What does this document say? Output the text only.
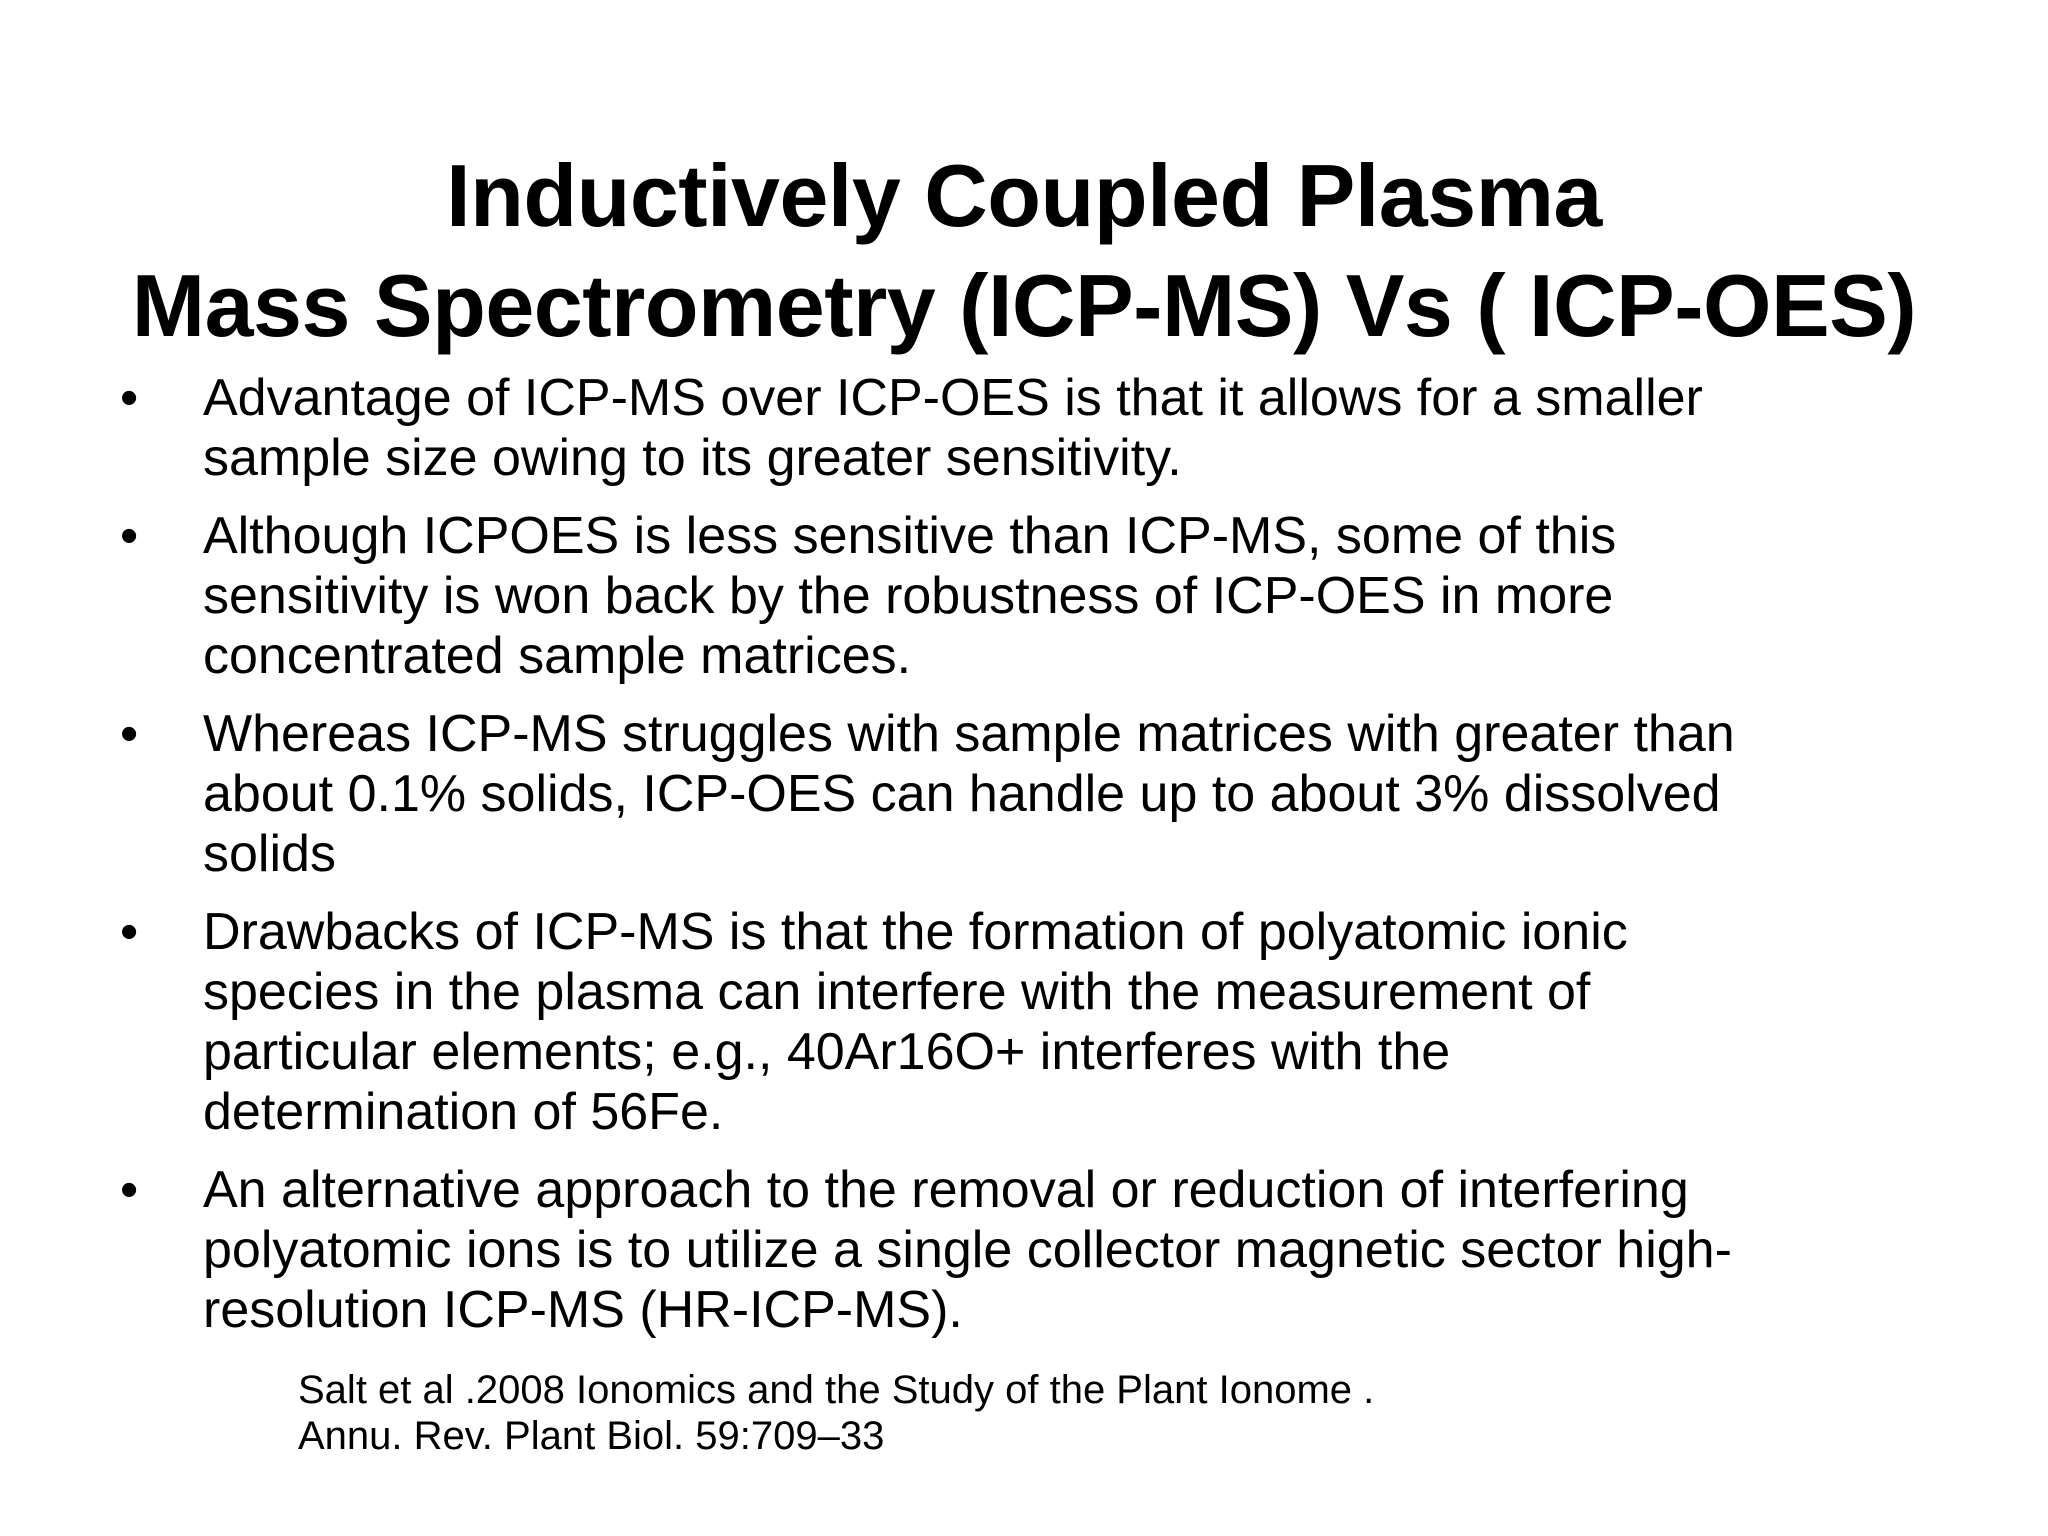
Inductively Coupled Plasma
Mass Spectrometry (ICP-MS) Vs ( ICP-OES)
•	Advantage of ICP-MS over ICP-OES is that it allows for a smaller
sample size owing to its greater sensitivity.
•	Although ICPOES is less sensitive than ICP-MS, some of this
sensitivity is won back by the robustness of ICP-OES in more
concentrated sample matrices.
•	Whereas ICP-MS struggles with sample matrices with greater than
about 0.1% solids, ICP-OES can handle up to about 3% dissolved
solids
•	Drawbacks of ICP-MS is that the formation of polyatomic ionic
species in the plasma can interfere with the measurement of
particular elements; e.g., 40Ar16O+ interferes with the
determination of 56Fe.
•	An alternative approach to the removal or reduction of interfering
polyatomic ions is to utilize a single collector magnetic sector high-
resolution ICP-MS (HR-ICP-MS).
Salt et al .2008 Ionomics and the Study of the Plant Ionome .
Annu. Rev. Plant Biol. 59:709–33
